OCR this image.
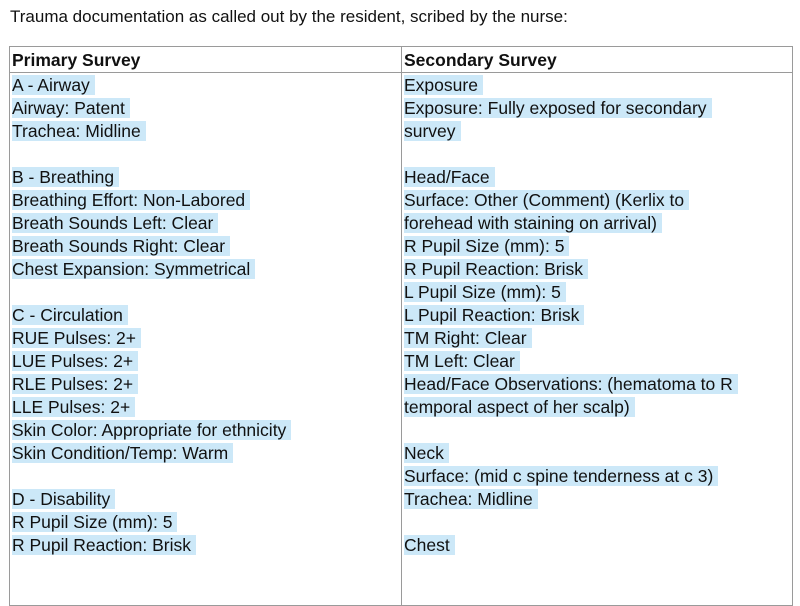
Trauma documentation as called out by the resident, scribed by the nurse:
Primary Survey
A - Airway
Airway: Patent
Trachea: Midline
B - Breathing
Breathing Effort: Non-Labored
Breath Sounds Left: Clear
Breath Sounds Right: Clear
Chest Expansion: Symmetrical
C - Circulation
RUE Pulses: 2+
LUE Pulses: 2+
RLE Pulses: 2+
LLE Pulses: 2+
Skin Color: Appropriate for ethnicity
Skin Condition/Temp: Warm
D - Disability
R Pupil Size (mm): 5
R Pupil Reaction: Brisk
Secondary Survey
Exposure
Exposure: Fully exposed for secondary
survey
Head/Face
Surface: Other (Comment) (Kerlix to
forehead with staining on arrival)
R Pupil Size (mm): 5
R Pupil Reaction: Brisk
L Pupil Size (mm): 5
L Pupil Reaction: Brisk
TM Right: Clear
TM Left: Clear
Head/Face Observations: (hematoma to R
temporal aspect of her scalp)
Neck
Surface: (mid c spine tenderness at c 3)
Trachea: Midline
Chest
